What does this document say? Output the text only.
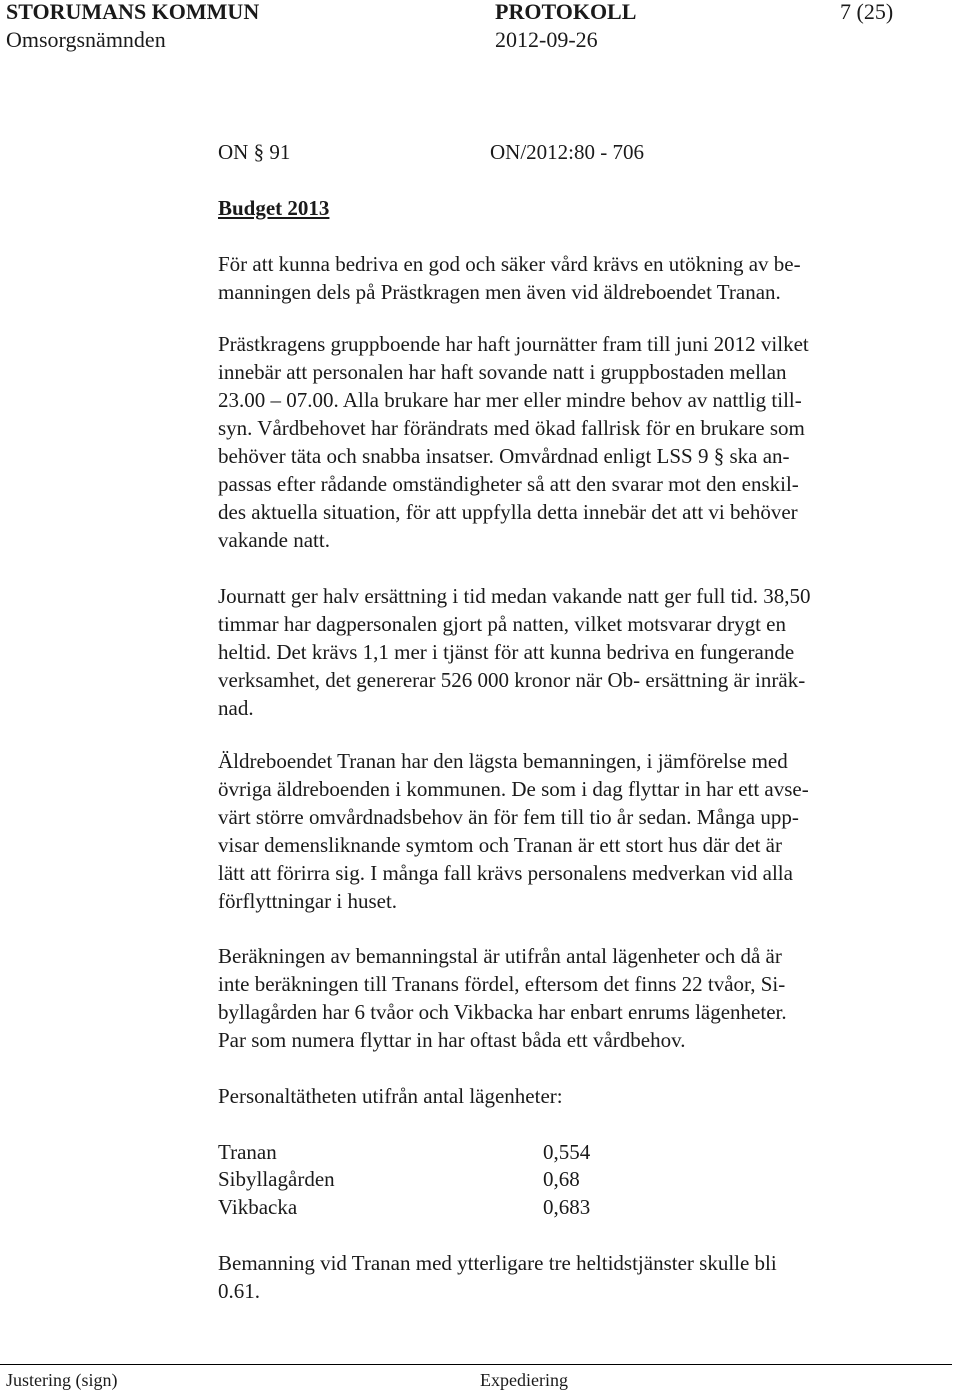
STORUMANS KOMMUN	PROTOKOLL	7 (25)
Omsorgsnämnden	2012-09-26
ON § 91	ON/2012:80 - 706
Budget 2013
För att kunna bedriva en god och säker vård krävs en utökning av be-
manningen dels på Prästkragen men även vid äldreboendet Tranan.
Prästkragens gruppboende har haft journätter fram till juni 2012 vilket
innebär att personalen har haft sovande natt i gruppbostaden mellan
23.00 – 07.00. Alla brukare har mer eller mindre behov av nattlig till-
syn. Vårdbehovet har förändrats med ökad fallrisk för en brukare som
behöver täta och snabba insatser. Omvårdnad enligt LSS 9 § ska an-
passas efter rådande omständigheter så att den svarar mot den enskil-
des aktuella situation, för att uppfylla detta innebär det att vi behöver
vakande natt.
Journatt ger halv ersättning i tid medan vakande natt ger full tid. 38,50
timmar har dagpersonalen gjort på natten, vilket motsvarar drygt en
heltid. Det krävs 1,1 mer i tjänst för att kunna bedriva en fungerande
verksamhet, det genererar 526 000 kronor när Ob- ersättning är inräk-
nad.
Äldreboendet Tranan har den lägsta bemanningen, i jämförelse med
övriga äldreboenden i kommunen. De som i dag flyttar in har ett avse-
värt större omvårdnadsbehov än för fem till tio år sedan. Många upp-
visar demensliknande symtom och Tranan är ett stort hus där det är
lätt att förirra sig. I många fall krävs personalens medverkan vid alla
förflyttningar i huset.
Beräkningen av bemanningstal är utifrån antal lägenheter och då är
inte beräkningen till Tranans fördel, eftersom det finns 22 tvåor, Si-
byllagården har 6 tvåor och Vikbacka har enbart enrums lägenheter.
Par som numera flyttar in har oftast båda ett vårdbehov.
Personaltätheten utifrån antal lägenheter:
Tranan	0,554
Sibyllagården	0,68
Vikbacka	0,683
Bemanning vid Tranan med ytterligare tre heltidstjänster skulle bli
0.61.
Justering (sign)	Expediering
